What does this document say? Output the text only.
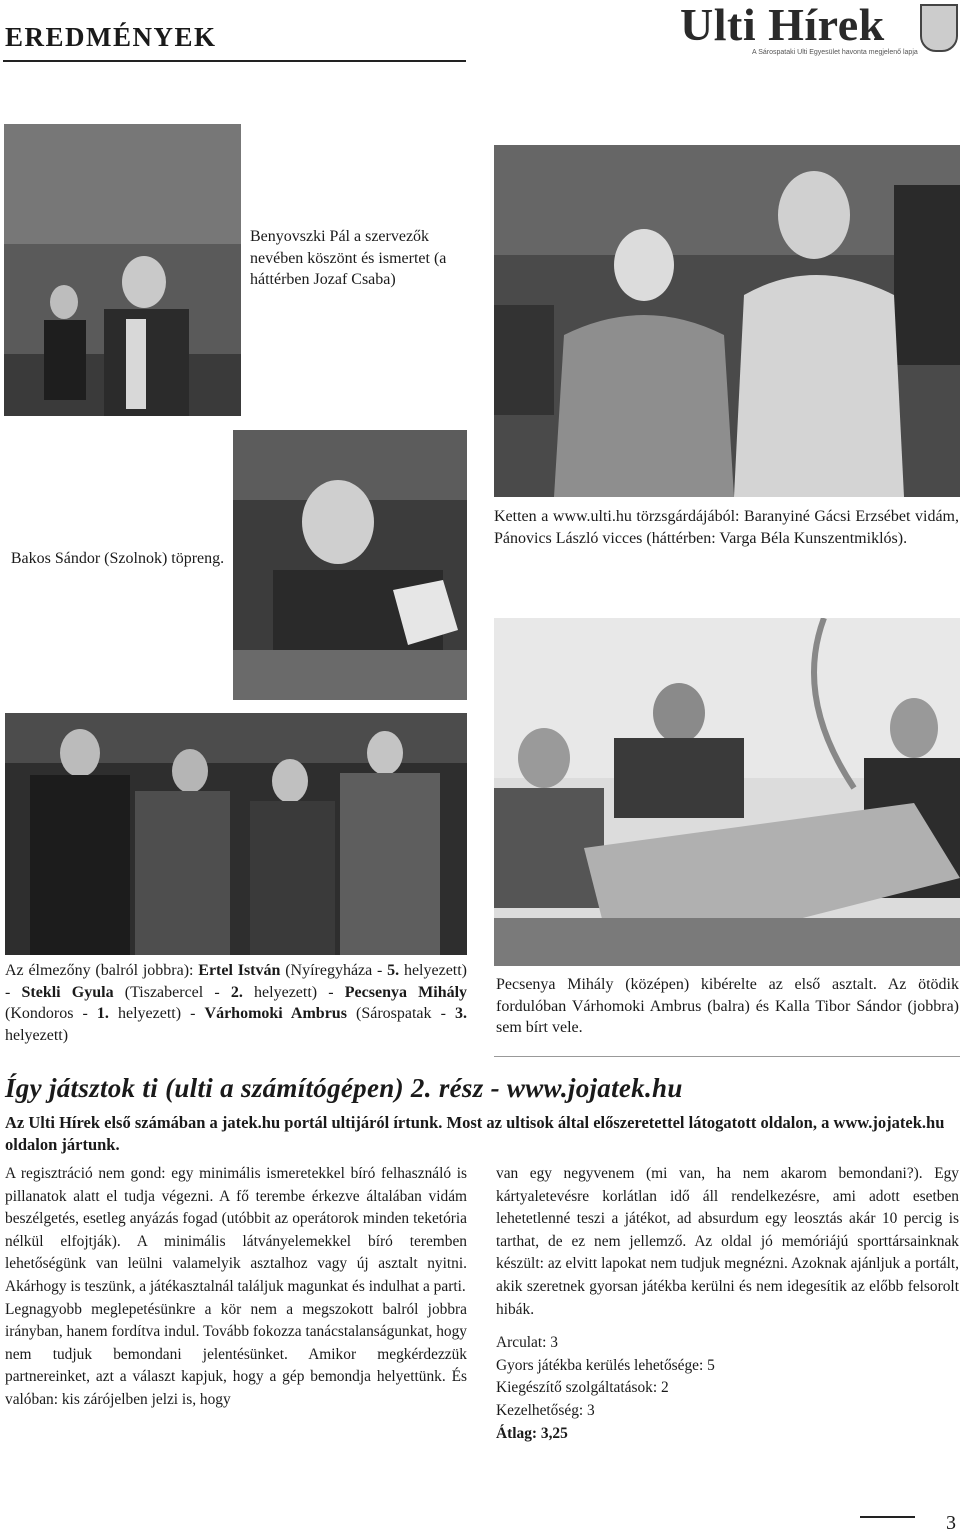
EREDMÉNYEK	Ulti Hírek
A Sárospataki Ulti Egyesület havonta megjelenő lapja
Benyovszki Pál a szervezők nevében köszönt és ismertet (a háttérben Jozaf Csaba)
Bakos Sándor (Szolnok) töpreng.
Ketten a www.ulti.hu törzsgárdájából: Baranyiné Gácsi Erzsébet vidám, Pánovics László vicces (háttérben: Varga Béla Kunszentmiklós).
Az élmezőny (balról jobbra): Ertel István (Nyíregyháza - 5. helyezett) - Stekli Gyula (Tiszabercel - 2. helyezett) - Pecsenya Mihály (Kondoros - 1. helyezett) - Várhomoki Ambrus (Sárospatak - 3. helyezett)
Pecsenya Mihály (középen) kibérelte az első asztalt. Az ötödik fordulóban Várhomoki Ambrus (balra) és Kalla Tibor Sándor (jobbra) sem bírt vele.
Így játsztok ti (ulti a számítógépen) 2. rész - www.jojatek.hu
Az Ulti Hírek első számában a jatek.hu portál ultijáról írtunk. Most az ultisok által előszeretettel látogatott oldalon, a www.jojatek.hu oldalon jártunk.

A regisztráció nem gond: egy minimális ismeretekkel bíró felhasználó is pillanatok alatt el tudja végezni. A fő terembe érkezve általában vidám beszélgetés, esetleg anyázás fogad (utóbbit az operátorok minden teketória nélkül elfojtják). A minimális látványelemekkel bíró teremben lehetőségünk van leülni valamelyik asztalhoz vagy új asztalt nyitni. Akárhogy is teszünk, a játékasztalnál találjuk magunkat és indulhat a parti.

Legnagyobb meglepetésünkre a kör nem a megszokott balról jobbra irányban, hanem fordítva indul. Tovább fokozza tanácstalanságunkat, hogy nem tudjuk bemondani jelentésünket. Amikor megkérdezzük partnereinket, azt a választ kapjuk, hogy a gép bemondja helyettünk. És valóban: kis zárójelben jelzi is, hogy

van egy negyvenem (mi van, ha nem akarom bemondani?). Egy kártyaletevésre korlátlan idő áll rendelkezésre, ami adott esetben lehetetlenné teszi a játékot, ad absurdum egy leosztás akár 10 percig is tarthat, de ez nem jellemző. Az oldal jó memóriájú sporttársainknak készült: az elvitt lapokat nem tudjuk megnézni. Azoknak ajánljuk a portált, akik szeretnek gyorsan játékba kerülni és nem idegesítik az előbb felsorolt hibák.

Arculat: 3
Gyors játékba kerülés lehetősége: 5
Kiegészítő szolgáltatások: 2
Kezelhetőség: 3
Átlag: 3,25
3
